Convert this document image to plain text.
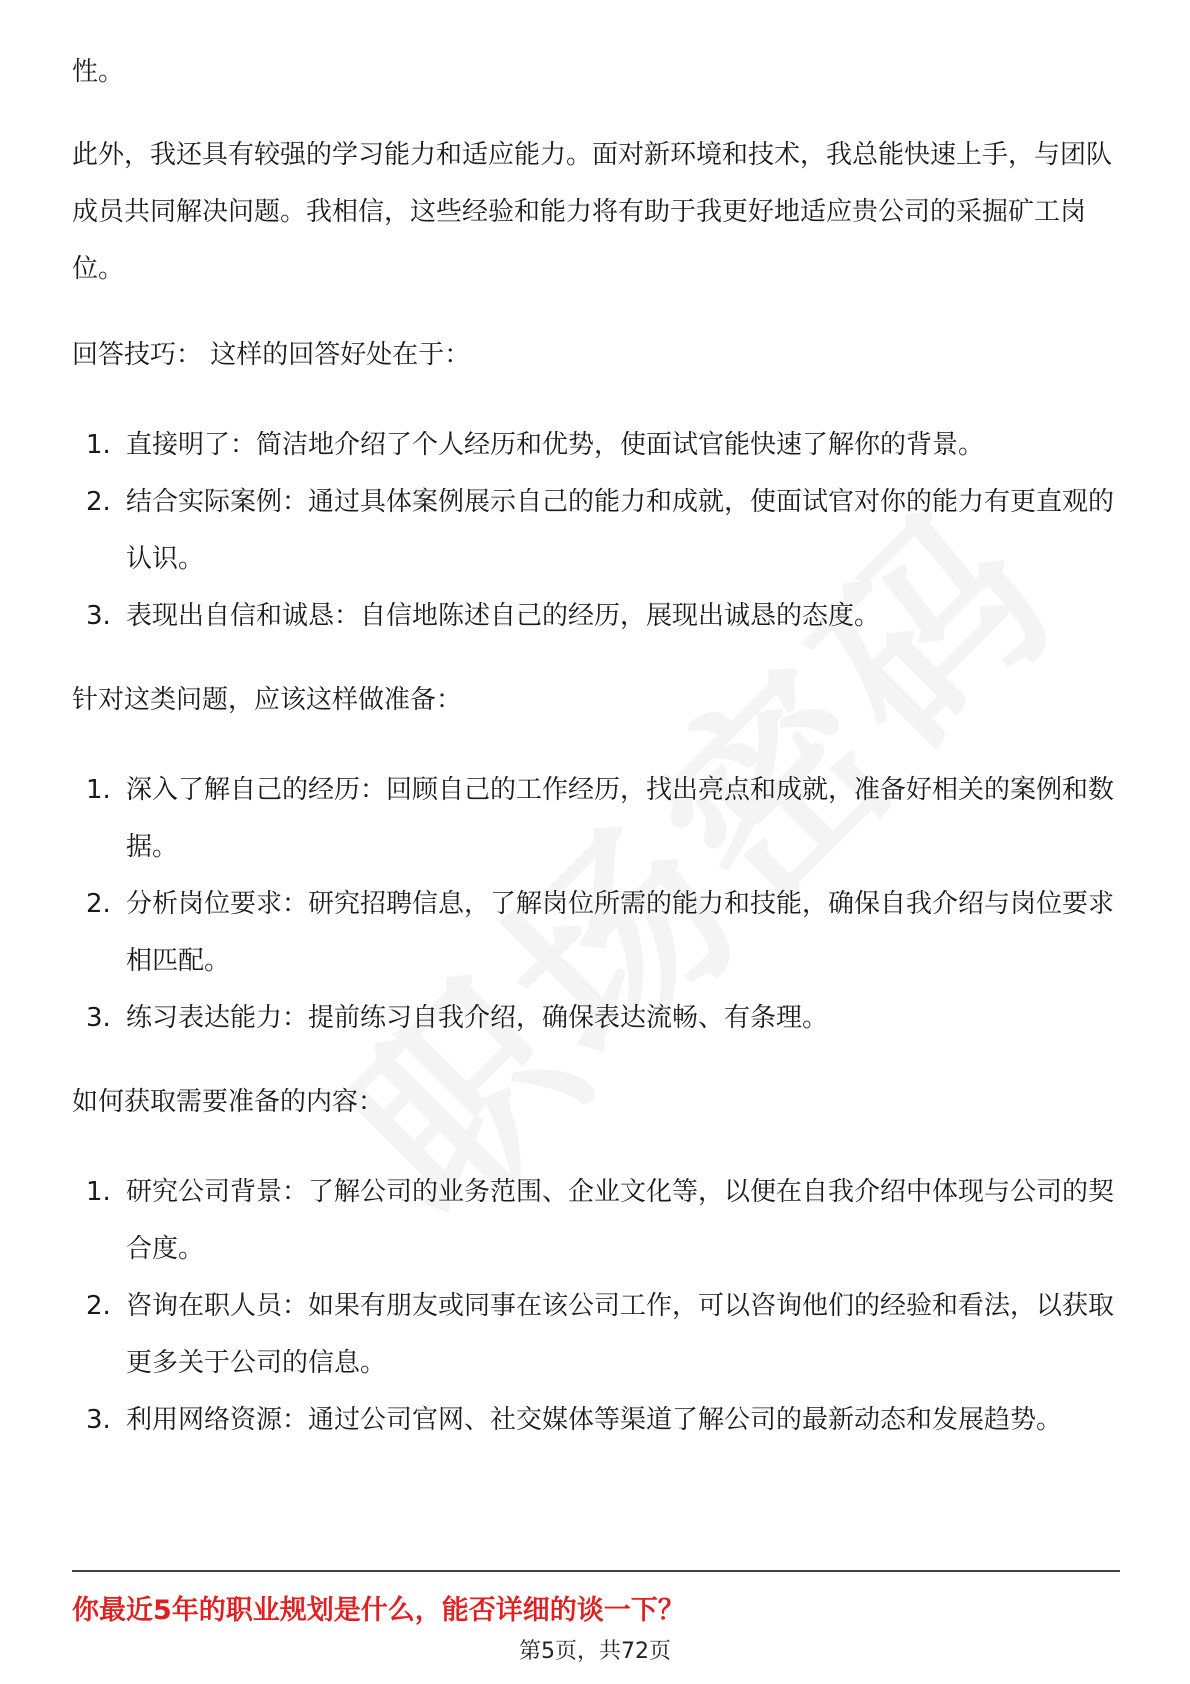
性。

此外，我还具有较强的学习能力和适应能力。面对新环境和技术，我总能快速上手，与团队成员共同解决问题。我相信，这些经验和能力将有助于我更好地适应贵公司的采掘矿工岗位。

回答技巧： 这样的回答好处在于：

1. 直接明了：简洁地介绍了个人经历和优势，使面试官能快速了解你的背景。
2. 结合实际案例：通过具体案例展示自己的能力和成就，使面试官对你的能力有更直观的认识。
3. 表现出自信和诚恳：自信地陈述自己的经历，展现出诚恳的态度。

针对这类问题，应该这样做准备：

1. 深入了解自己的经历：回顾自己的工作经历，找出亮点和成就，准备好相关的案例和数据。
2. 分析岗位要求：研究招聘信息，了解岗位所需的能力和技能，确保自我介绍与岗位要求相匹配。
3. 练习表达能力：提前练习自我介绍，确保表达流畅、有条理。

如何获取需要准备的内容：

1. 研究公司背景：了解公司的业务范围、企业文化等，以便在自我介绍中体现与公司的契合度。
2. 咨询在职人员：如果有朋友或同事在该公司工作，可以咨询他们的经验和看法，以获取更多关于公司的信息。
3. 利用网络资源：通过公司官网、社交媒体等渠道了解公司的最新动态和发展趋势。
你最近5年的职业规划是什么，能否详细的谈一下？
第5页，共72页
